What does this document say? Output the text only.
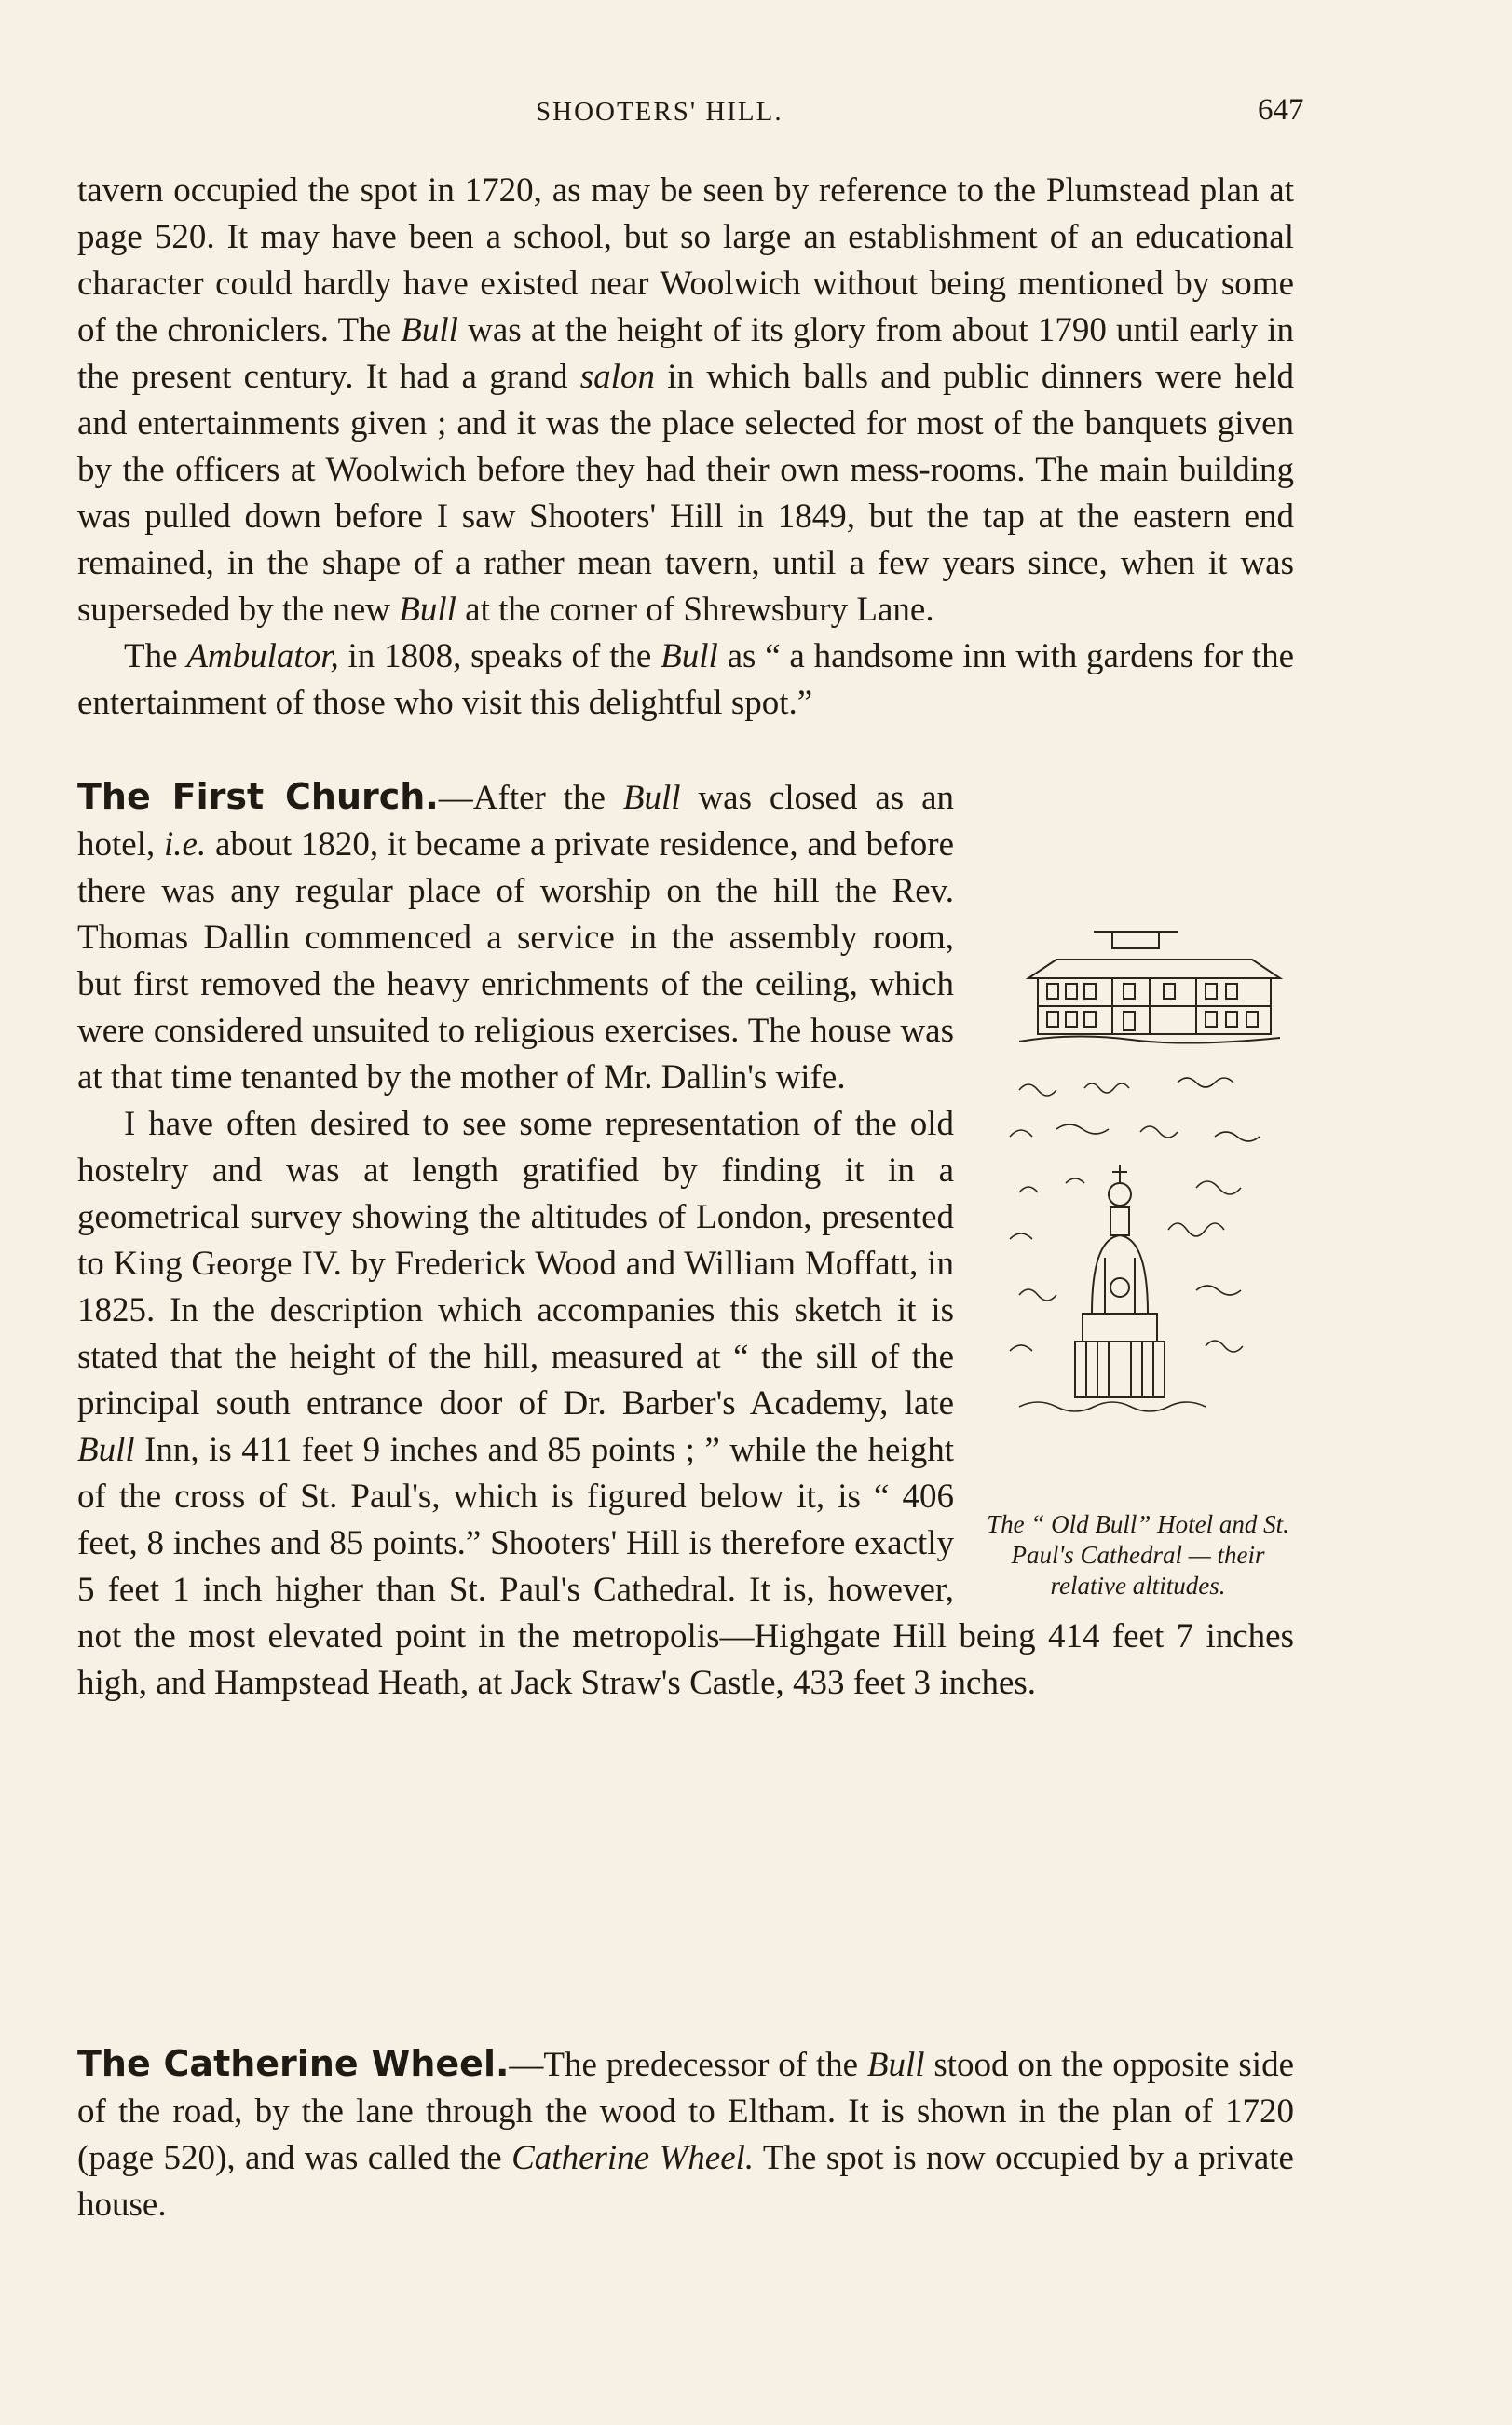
SHOOTERS' HILL.	647

tavern occupied the spot in 1720, as may be seen by reference to the Plumstead plan at page 520. It may have been a school, but so large an establishment of an educational character could hardly have existed near Woolwich without being mentioned by some of the chroniclers. The Bull was at the height of its glory from about 1790 until early in the present century. It had a grand salon in which balls and public dinners were held and entertainments given ; and it was the place selected for most of the banquets given by the officers at Woolwich before they had their own mess-rooms. The main building was pulled down before I saw Shooters' Hill in 1849, but the tap at the eastern end remained, in the shape of a rather mean tavern, until a few years since, when it was superseded by the new Bull at the corner of Shrewsbury Lane.

The Ambulator, in 1808, speaks of the Bull as “ a handsome inn with gardens for the entertainment of those who visit this delightful spot.”

The “ Old Bull” Hotel and St. Paul's Cathedral — their relative altitudes.

The First Church.—After the Bull was closed as an hotel, i.e. about 1820, it became a private residence, and before there was any regular place of worship on the hill the Rev. Thomas Dallin commenced a service in the assembly room, but first removed the heavy enrichments of the ceiling, which were considered unsuited to religious exercises. The house was at that time tenanted by the mother of Mr. Dallin's wife.

I have often desired to see some representation of the old hostelry and was at length gratified by finding it in a geometrical survey showing the altitudes of London, presented to King George IV. by Frederick Wood and William Moffatt, in 1825. In the description which accompanies this sketch it is stated that the height of the hill, measured at “ the sill of the principal south entrance door of Dr. Barber's Academy, late Bull Inn, is 411 feet 9 inches and 85 points ; ” while the height of the cross of St. Paul's, which is figured below it, is “ 406 feet, 8 inches and 85 points.” Shooters' Hill is therefore exactly 5 feet 1 inch higher than St. Paul's Cathedral. It is, however, not the most elevated point in the metropolis—Highgate Hill being 414 feet 7 inches high, and Hampstead Heath, at Jack Straw's Castle, 433 feet 3 inches.

The Catherine Wheel.—The predecessor of the Bull stood on the opposite side of the road, by the lane through the wood to Eltham. It is shown in the plan of 1720 (page 520), and was called the Catherine Wheel. The spot is now occupied by a private house.
